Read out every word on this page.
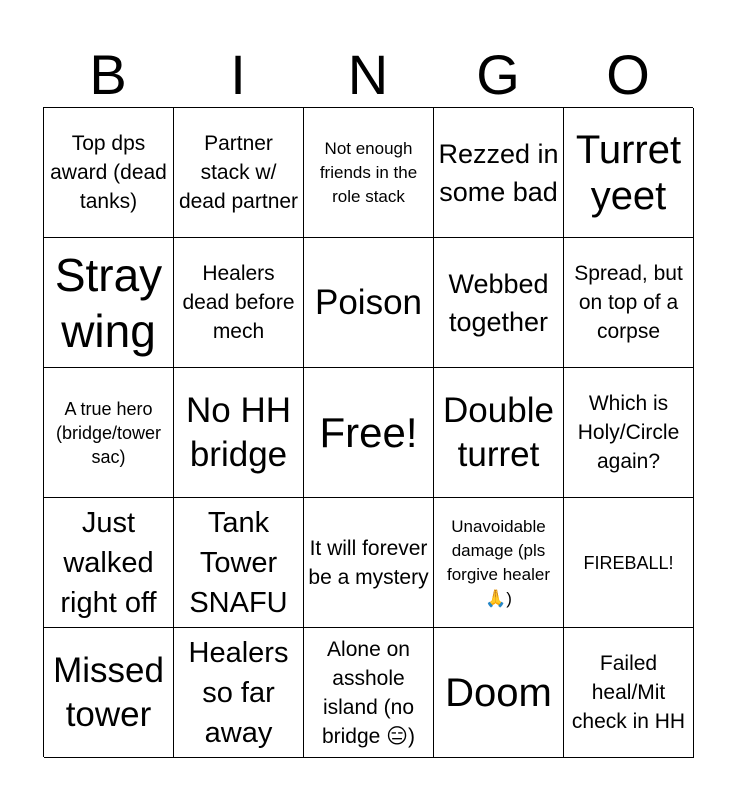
B	I	N	G	O
Top dps award (dead tanks)
Partner stack w/ dead partner
Not enough friends in the role stack
Rezzed in some bad
Turret yeet
Stray wing
Healers dead before mech
Poison Webbed together
Spread, but on top of a corpse
A true hero (bridge/tower sac)
No HH bridge Free! Double turret
Which is Holy/Circle again?
Just walked right off
Tank Tower SNAFU
It will forever be a mystery
Unavoidable damage (pls forgive healer 🙏)
FIREBALL!
Missed tower
Healers so far away
Alone on asshole island (no bridge 😑)
Doom
Failed heal/Mit check in HH
